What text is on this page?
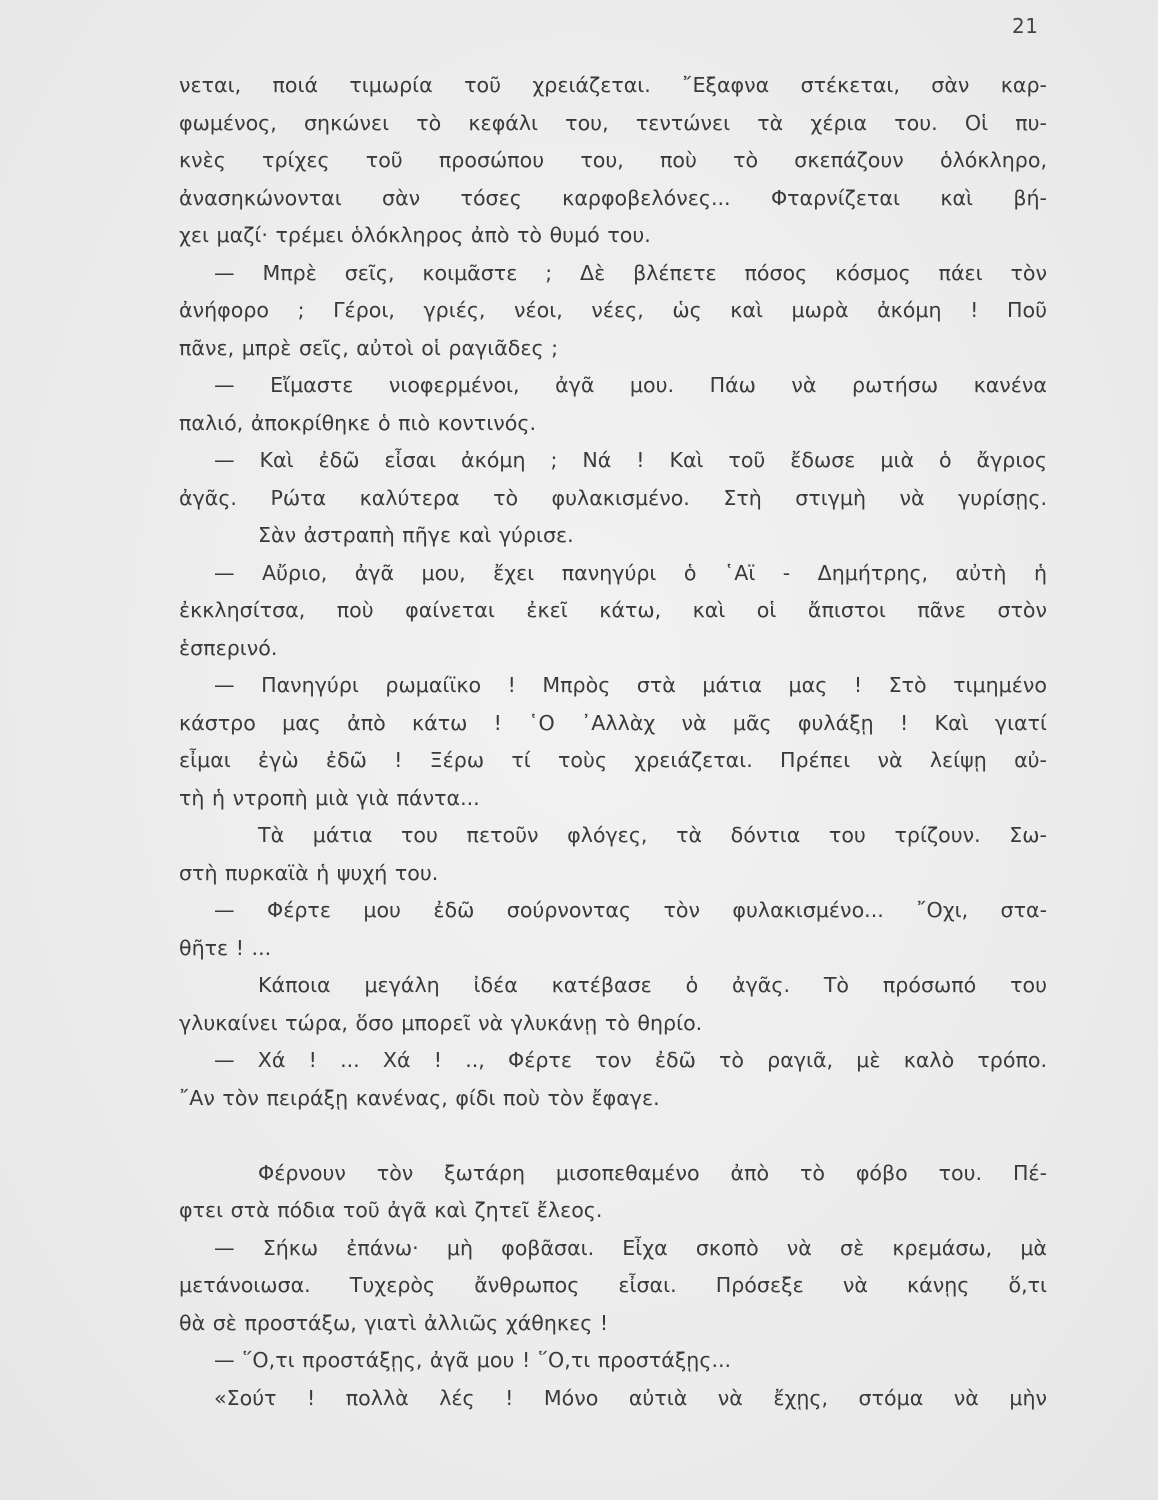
21
νεται, ποιά τιμωρία τοῦ χρειάζεται. ῎Εξαφνα στέκεται, σὰν καρ-
φωμένος, σηκώνει τὸ κεφάλι του, τεντώνει τὰ χέρια του. Οἱ πυ-
κνὲς τρίχες τοῦ προσώπου του, ποὺ τὸ σκεπάζουν ὁλόκληρο,
ἀνασηκώνονται σὰν τόσες καρφοβελόνες... Φταρνίζεται καὶ βή-
χει μαζί· τρέμει ὁλόκληρος ἀπὸ τὸ θυμό του.
— Μπρὲ σεῖς, κοιμᾶστε ; Δὲ βλέπετε πόσος κόσμος πάει τὸν
ἀνήφορο ; Γέροι, γριές, νέοι, νέες, ὡς καὶ μωρὰ ἀκόμη ! Ποῦ
πᾶνε, μπρὲ σεῖς, αὐτοὶ οἱ ραγιᾶδες ;
— Εἴμαστε νιοφερμένοι, ἀγᾶ μου. Πάω νὰ ρωτήσω κανένα
παλιό, ἀποκρίθηκε ὁ πιὸ κοντινός.
— Καὶ ἐδῶ εἶσαι ἀκόμη ; Νά ! Καὶ τοῦ ἔδωσε μιὰ ὁ ἄγριος
ἀγᾶς. Ρώτα καλύτερα τὸ φυλακισμένο. Στὴ στιγμὴ νὰ γυρίσῃς.
Σὰν ἀστραπὴ πῆγε καὶ γύρισε.
— Αὔριο, ἀγᾶ μου, ἔχει πανηγύρι ὁ ῾Αϊ - Δημήτρης, αὐτὴ ἡ
ἐκκλησίτσα, ποὺ φαίνεται ἐκεῖ κάτω, καὶ οἱ ἄπιστοι πᾶνε στὸν
ἑσπερινό.
— Πανηγύρι ρωμαίϊκο ! Μπρὸς στὰ μάτια μας ! Στὸ τιμημένο
κάστρο μας ἀπὸ κάτω ! ῾Ο ᾿Αλλὰχ νὰ μᾶς φυλάξῃ ! Καὶ γιατί
εἶμαι ἐγὼ ἐδῶ ! Ξέρω τί τοὺς χρειάζεται. Πρέπει νὰ λείψῃ αὐ-
τὴ ἡ ντροπὴ μιὰ γιὰ πάντα...
Τὰ μάτια του πετοῦν φλόγες, τὰ δόντια του τρίζουν. Σω-
στὴ πυρκαϊὰ ἡ ψυχή του.
— Φέρτε μου ἐδῶ σούρνοντας τὸν φυλακισμένο... ῎Οχι, στα-
θῆτε ! ...
Κάποια μεγάλη ἰδέα κατέβασε ὁ ἀγᾶς. Τὸ πρόσωπό του
γλυκαίνει τώρα, ὅσο μπορεῖ νὰ γλυκάνῃ τὸ θηρίο.
— Χά ! ... Χά ! .., Φέρτε τον ἐδῶ τὸ ραγιᾶ, μὲ καλὸ τρόπο.
῎Αν τὸν πειράξῃ κανένας, φίδι ποὺ τὸν ἔφαγε.
Φέρνουν τὸν ξωτάρη μισοπεθαμένο ἀπὸ τὸ φόβο του. Πέ-
φτει στὰ πόδια τοῦ ἀγᾶ καὶ ζητεῖ ἔλεος.
— Σήκω ἐπάνω· μὴ φοβᾶσαι. Εἶχα σκοπὸ νὰ σὲ κρεμάσω, μὰ
μετάνοιωσα. Τυχερὸς ἄνθρωπος εἶσαι. Πρόσεξε νὰ κάνῃς ὅ,τι
θὰ σὲ προστάξω, γιατὶ ἀλλιῶς χάθηκες !
— ῞Ο,τι προστάξῃς, ἀγᾶ μου ! ῞Ο,τι προστάξῃς...
«Σούτ ! πολλὰ λές ! Μόνο αὐτιὰ νὰ ἔχῃς, στόμα νὰ μὴν
